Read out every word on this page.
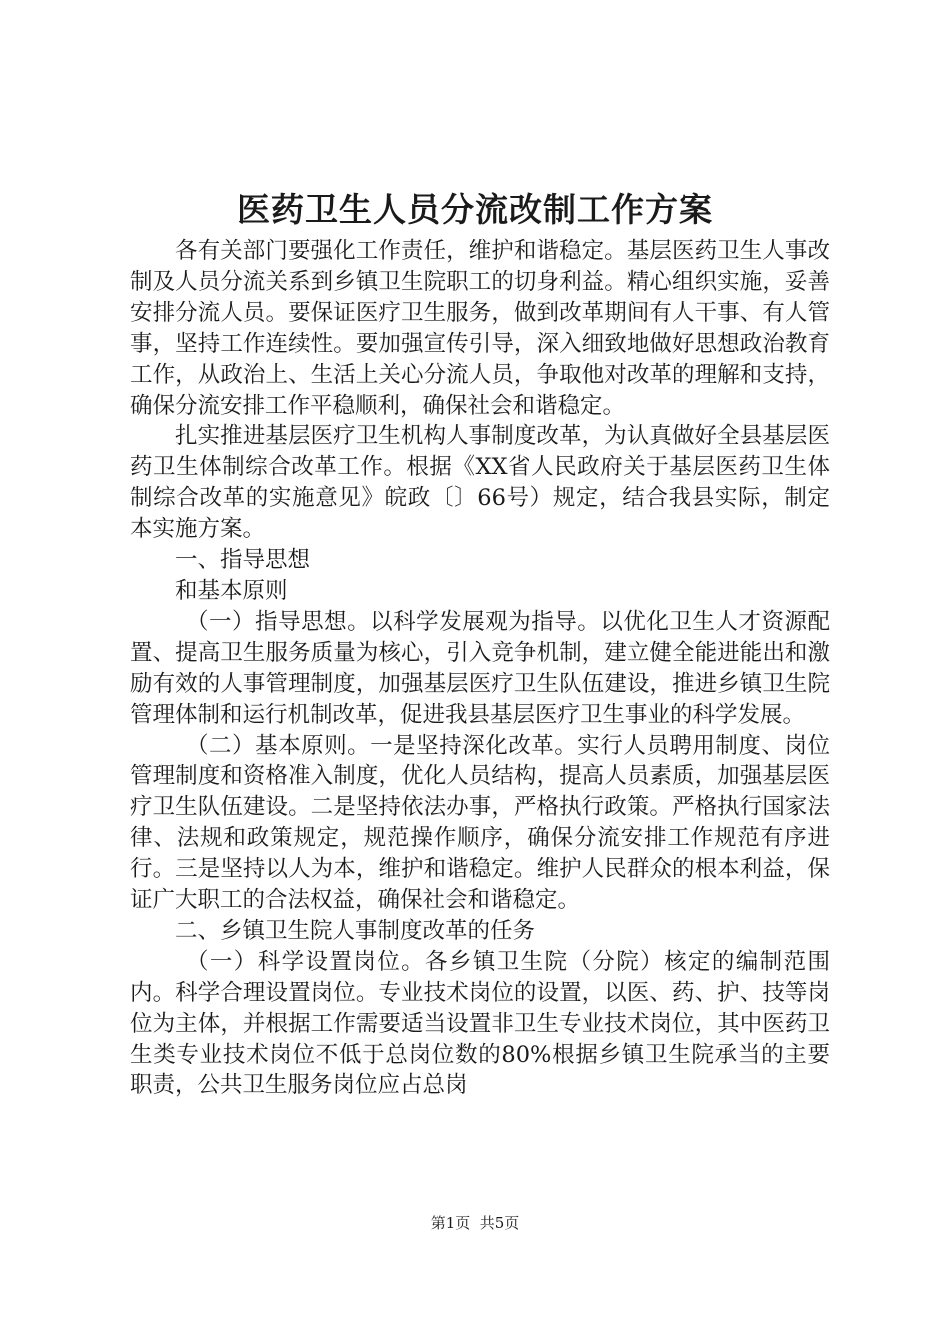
医药卫生人员分流改制工作方案

各有关部门要强化工作责任，维护和谐稳定。基层医药卫生人事改制及人员分流关系到乡镇卫生院职工的切身利益。精心组织实施，妥善安排分流人员。要保证医疗卫生服务，做到改革期间有人干事、有人管事，坚持工作连续性。要加强宣传引导，深入细致地做好思想政治教育工作，从政治上、生活上关心分流人员，争取他对改革的理解和支持，确保分流安排工作平稳顺利，确保社会和谐稳定。

扎实推进基层医疗卫生机构人事制度改革，为认真做好全县基层医药卫生体制综合改革工作。根据《XX省人民政府关于基层医药卫生体制综合改革的实施意见》皖政〔〕66号）规定，结合我县实际，制定本实施方案。

一、指导思想

和基本原则

（一）指导思想。以科学发展观为指导。以优化卫生人才资源配置、提高卫生服务质量为核心，引入竞争机制，建立健全能进能出和激励有效的人事管理制度，加强基层医疗卫生队伍建设，推进乡镇卫生院管理体制和运行机制改革，促进我县基层医疗卫生事业的科学发展。

（二）基本原则。一是坚持深化改革。实行人员聘用制度、岗位管理制度和资格准入制度，优化人员结构，提高人员素质，加强基层医疗卫生队伍建设。二是坚持依法办事，严格执行政策。严格执行国家法律、法规和政策规定，规范操作顺序，确保分流安排工作规范有序进行。三是坚持以人为本，维护和谐稳定。维护人民群众的根本利益，保证广大职工的合法权益，确保社会和谐稳定。

二、乡镇卫生院人事制度改革的任务

（一）科学设置岗位。各乡镇卫生院（分院）核定的编制范围内。科学合理设置岗位。专业技术岗位的设置，以医、药、护、技等岗位为主体，并根据工作需要适当设置非卫生专业技术岗位，其中医药卫生类专业技术岗位不低于总岗位数的80%根据乡镇卫生院承当的主要职责，公共卫生服务岗位应占总岗

第1页  共5页
